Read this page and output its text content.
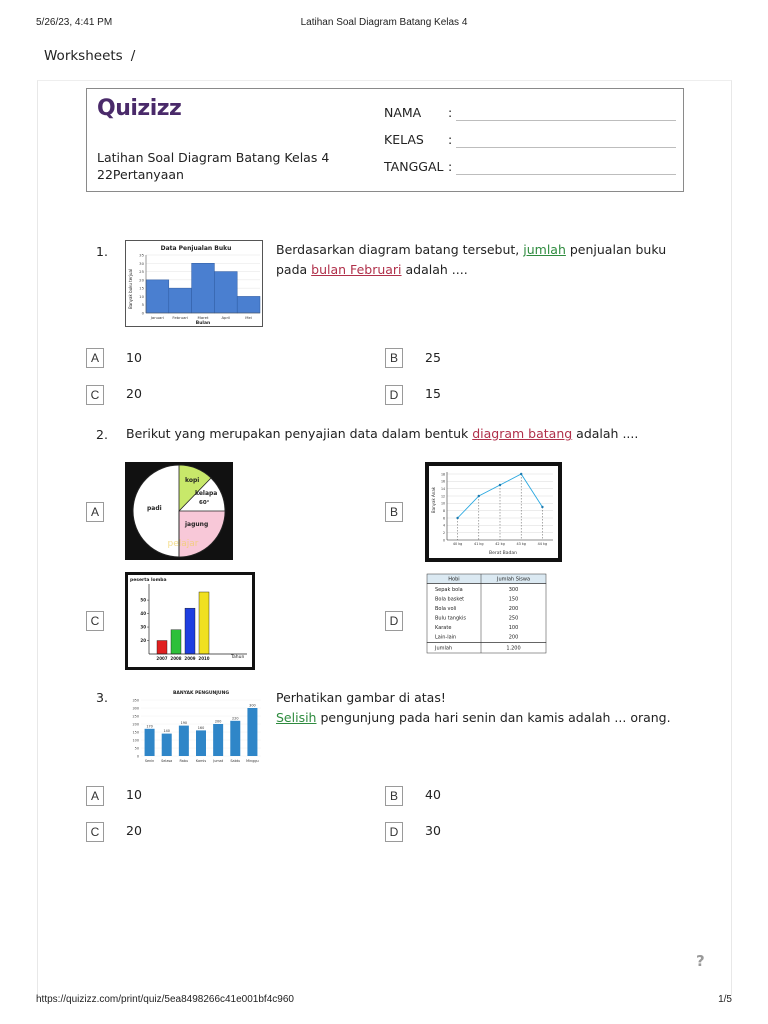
5/26/23, 4:41 PM	Latihan Soal Diagram Batang Kelas 4
Worksheets /
Quizizz
Latihan Soal Diagram Batang Kelas 4
22Pertanyaan
NAMA :
KELAS :
TANGGAL :
1.	Data Penjualan Buku
Banyak buku terjual
Bulan
0
5
10
15
20
25
30
35
Januari Februari	Maret	April	Mei
Berdasarkan diagram batang tersebut, jumlah penjualan buku pada bulan Februari adalah ....
A	10	B	25
C	20	D	15
2. Berikut yang merupakan penyajian data dalam bentuk diagram batang adalah ....
A
kopi
kelapa
60°
padi
jagung
pelajar
B	Banyak Anak
Berat Badan
0
2
4
6
8
10
12
14
16
18
40 kg	41 kg	42 kg	43 kg	44 kg
C
peserta lomba
Tahun
20
30
40
50
2007 2008 2009 2010
D
Hobi	Jumlah Siswa
Sepak bola	300
Bola basket	150
Bola voli	200
Bulu tangkis	250
Karate	100
Lain-lain	200
Jumlah	1.200
3.	BANYAK PENGUNJUNG
0
50
100
150
200
250
300
350
170
Senin
140
Selasa
190
Rabu
160
Kamis
200
Jumat
220
Sabtu
300
Minggu
Perhatikan gambar di atas!
Selisih pengunjung pada hari senin dan kamis adalah ... orang.
A	10	B	40
C	20	D	30
?
https://quizizz.com/print/quiz/5ea8498266c41e001bf4c960	1/5
